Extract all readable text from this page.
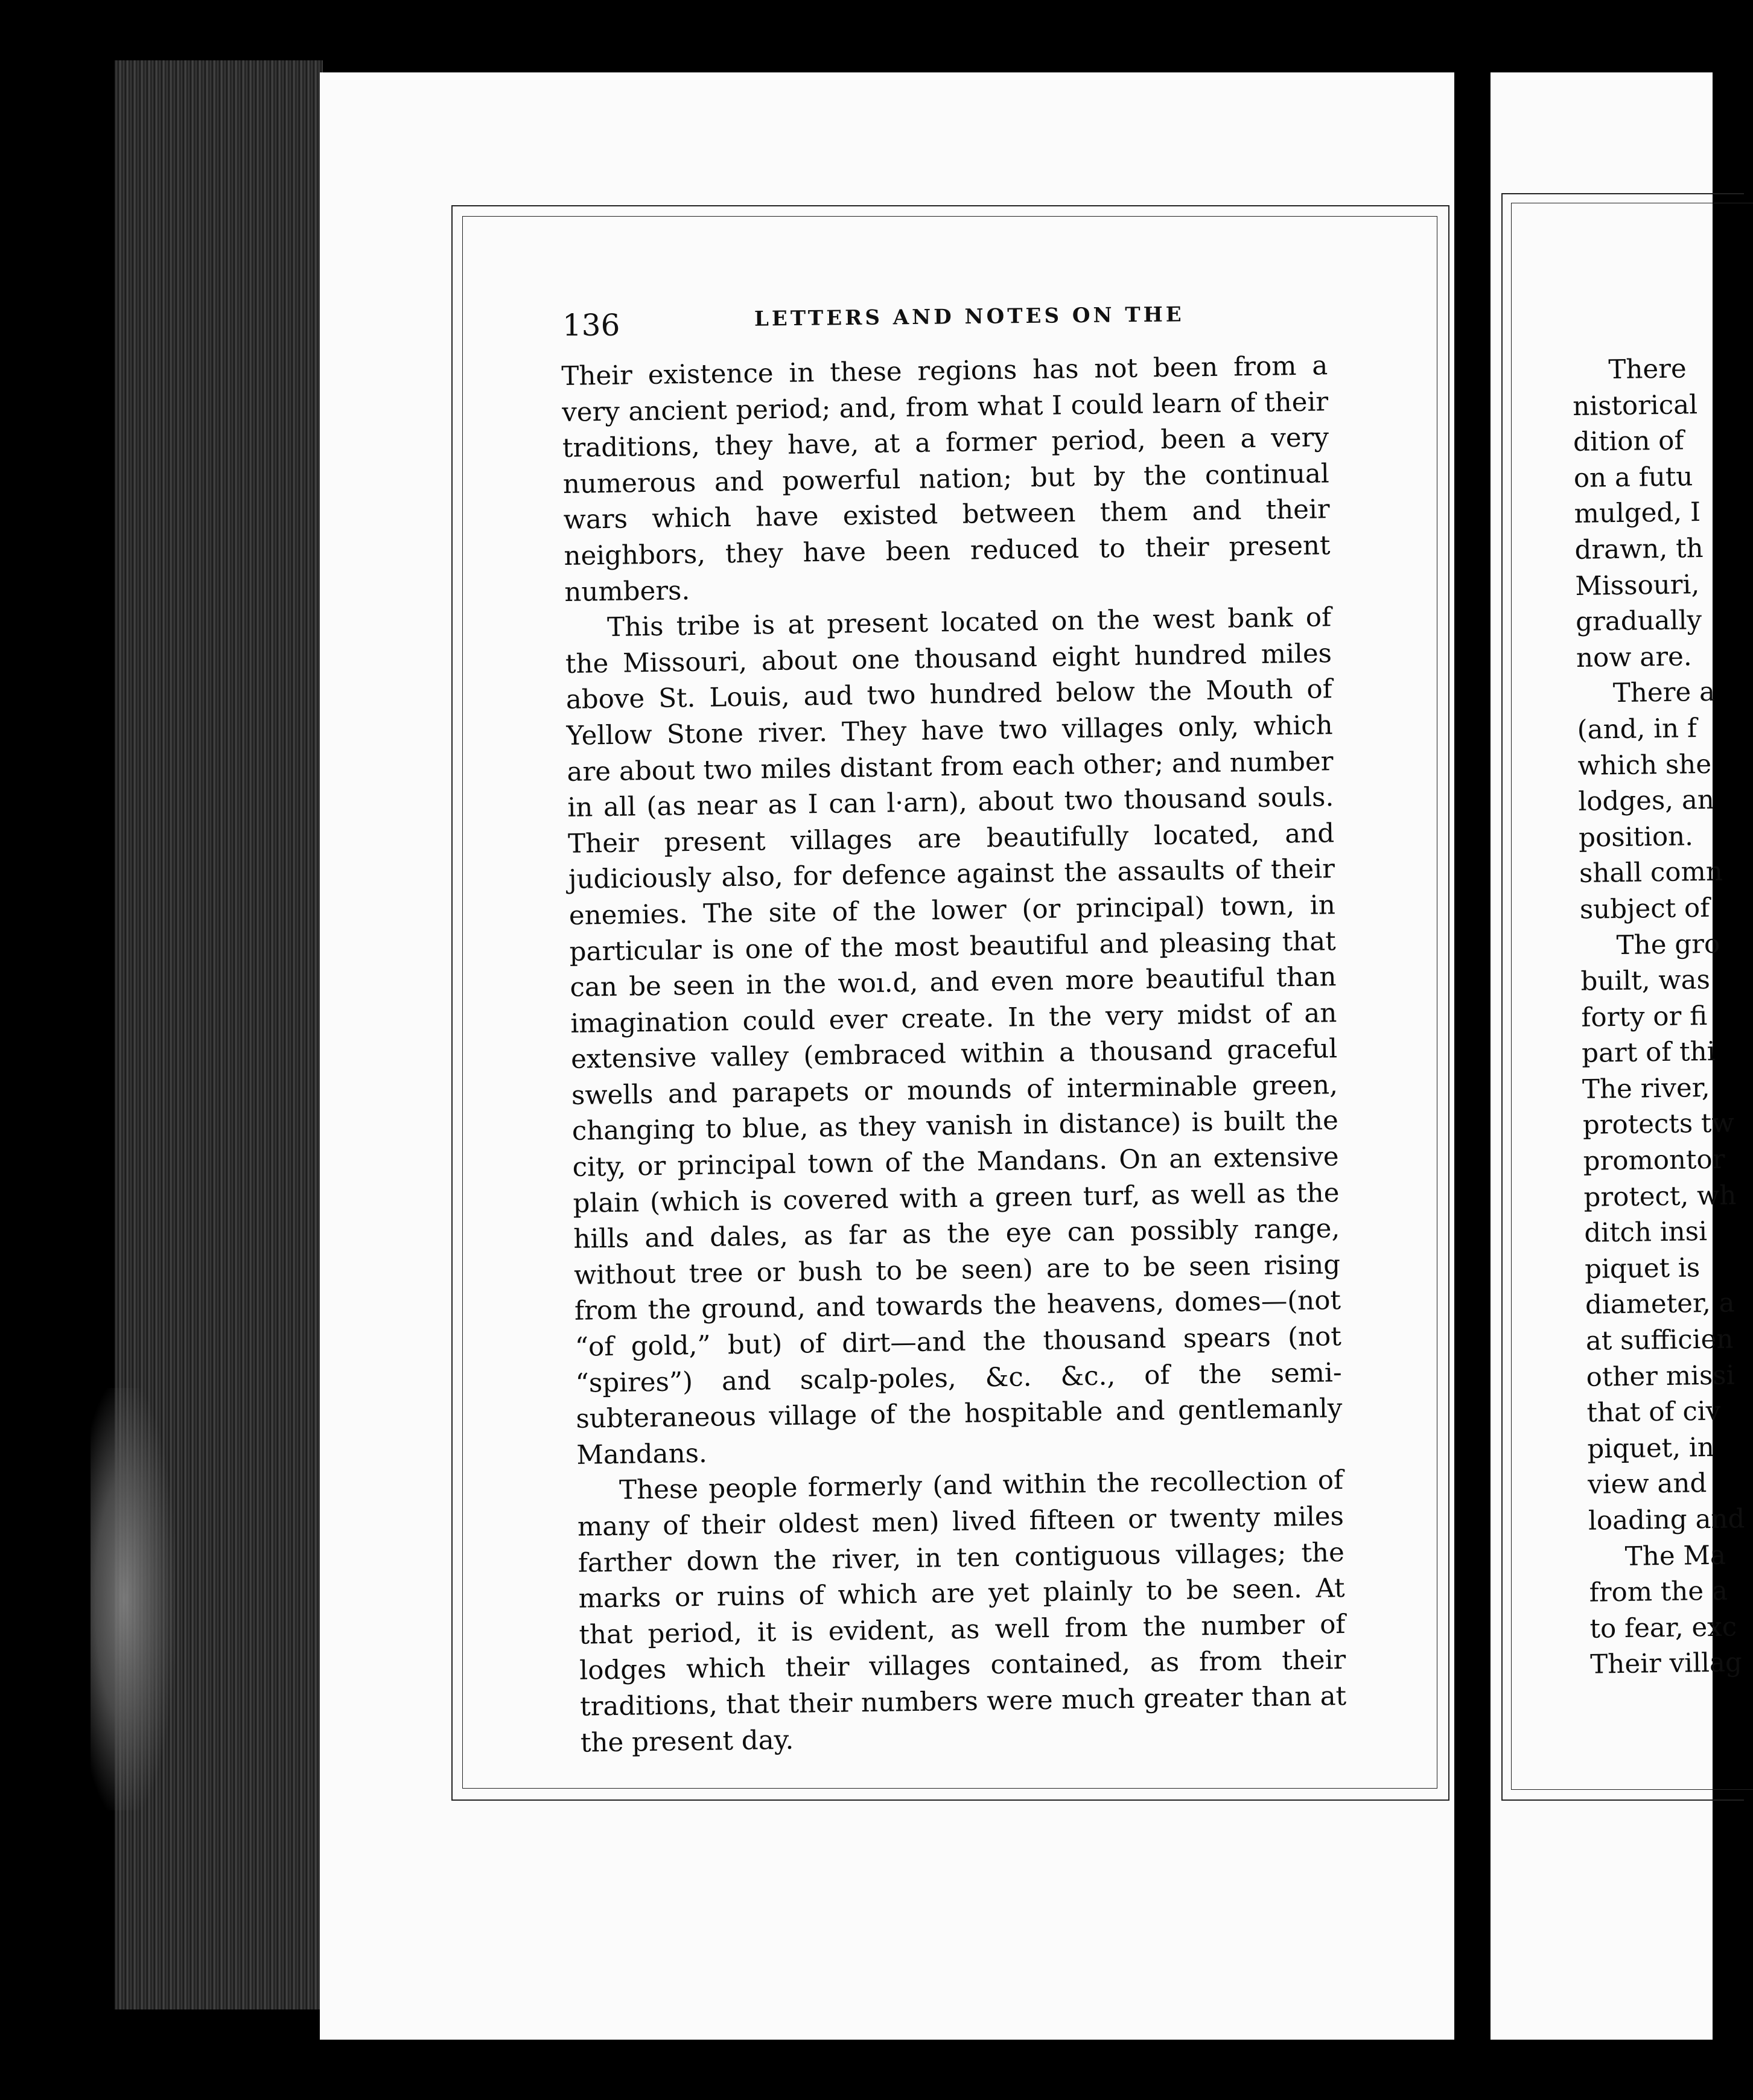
136	LETTERS AND NOTES ON THE

Their existence in these regions has not been from a very ancient period; and, from what I could learn of their traditions, they have, at a former period, been a very numerous and powerful nation; but by the continual wars which have existed between them and their neighbors, they have been reduced to their present numbers.

This tribe is at present located on the west bank of the Missouri, about one thousand eight hundred miles above St. Louis, aud two hundred below the Mouth of Yellow Stone river. They have two villages only, which are about two miles distant from each other; and number in all (as near as I can l·arn), about two thousand souls. Their present villages are beautifully located, and judiciously also, for defence against the assaults of their enemies. The site of the lower (or principal) town, in particular is one of the most beautiful and pleasing that can be seen in the woı.d, and even more beautiful than imagination could ever create. In the very midst of an extensive valley (embraced within a thousand graceful swells and parapets or mounds of interminable green, changing to blue, as they vanish in distance) is built the city, or principal town of the Mandans. On an extensive plain (which is covered with a green turf, as well as the hills and dales, as far as the eye can possibly range, without tree or bush to be seen) are to be seen rising from the ground, and towards the heavens, domes—(not “of gold,” but) of dirt—and the thousand spears (not “spires”) and scalp-poles, &c. &c., of the semi-subteraneous village of the hospitable and gentlemanly Mandans.

These people formerly (and within the recollection of many of their oldest men) lived fifteen or twenty miles farther down the river, in ten contiguous villages; the marks or ruins of which are yet plainly to be seen. At that period, it is evident, as well from the number of lodges which their villages contained, as from their traditions, that their numbers were much greater than at the present day.

There
nistorical
dition of
on a futu
mulged, I
drawn, th
Missouri,
gradually
now are.
There a
(and, in f
which she
lodges, an
position.
shall comn
subject of
The gro
built, was
forty or fi
part of thi
The river,
protects tw
promontor
protect, wh
ditch insi
piquet is
diameter, a
at sufficien
other missi
that of civ
piquet, in
view and
loading and
The Ma
from the a
to fear, exc
Their villag
